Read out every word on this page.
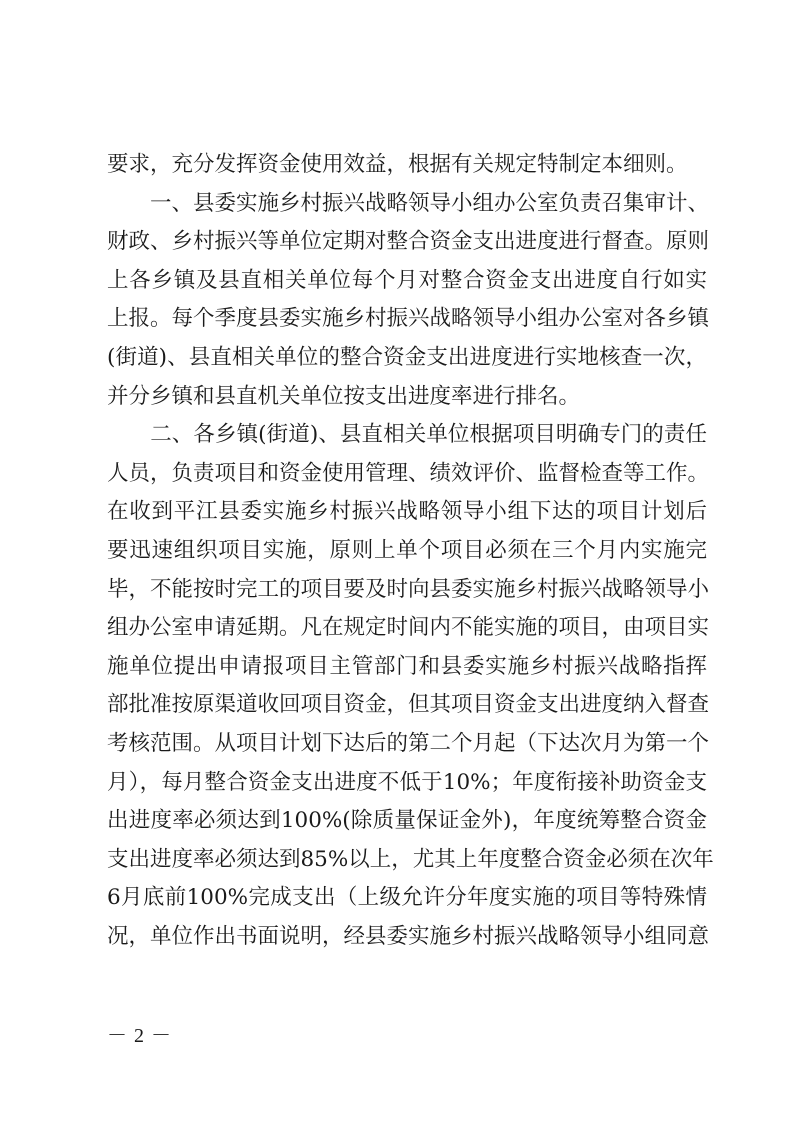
要求，充分发挥资金使用效益，根据有关规定特制定本细则。
　　一、县委实施乡村振兴战略领导小组办公室负责召集审计、
财政、乡村振兴等单位定期对整合资金支出进度进行督查。原则
上各乡镇及县直相关单位每个月对整合资金支出进度自行如实
上报。每个季度县委实施乡村振兴战略领导小组办公室对各乡镇
(街道)、县直相关单位的整合资金支出进度进行实地核查一次，
并分乡镇和县直机关单位按支出进度率进行排名。
　　二、各乡镇(街道)、县直相关单位根据项目明确专门的责任
人员，负责项目和资金使用管理、绩效评价、监督检查等工作。
在收到平江县委实施乡村振兴战略领导小组下达的项目计划后
要迅速组织项目实施，原则上单个项目必须在三个月内实施完
毕，不能按时完工的项目要及时向县委实施乡村振兴战略领导小
组办公室申请延期。凡在规定时间内不能实施的项目，由项目实
施单位提出申请报项目主管部门和县委实施乡村振兴战略指挥
部批准按原渠道收回项目资金，但其项目资金支出进度纳入督查
考核范围。从项目计划下达后的第二个月起（下达次月为第一个
月），每月整合资金支出进度不低于10%；年度衔接补助资金支
出进度率必须达到100%(除质量保证金外)，年度统筹整合资金
支出进度率必须达到85%以上，尤其上年度整合资金必须在次年
6月底前100%完成支出（上级允许分年度实施的项目等特殊情
况，单位作出书面说明，经县委实施乡村振兴战略领导小组同意
－ 2 －
